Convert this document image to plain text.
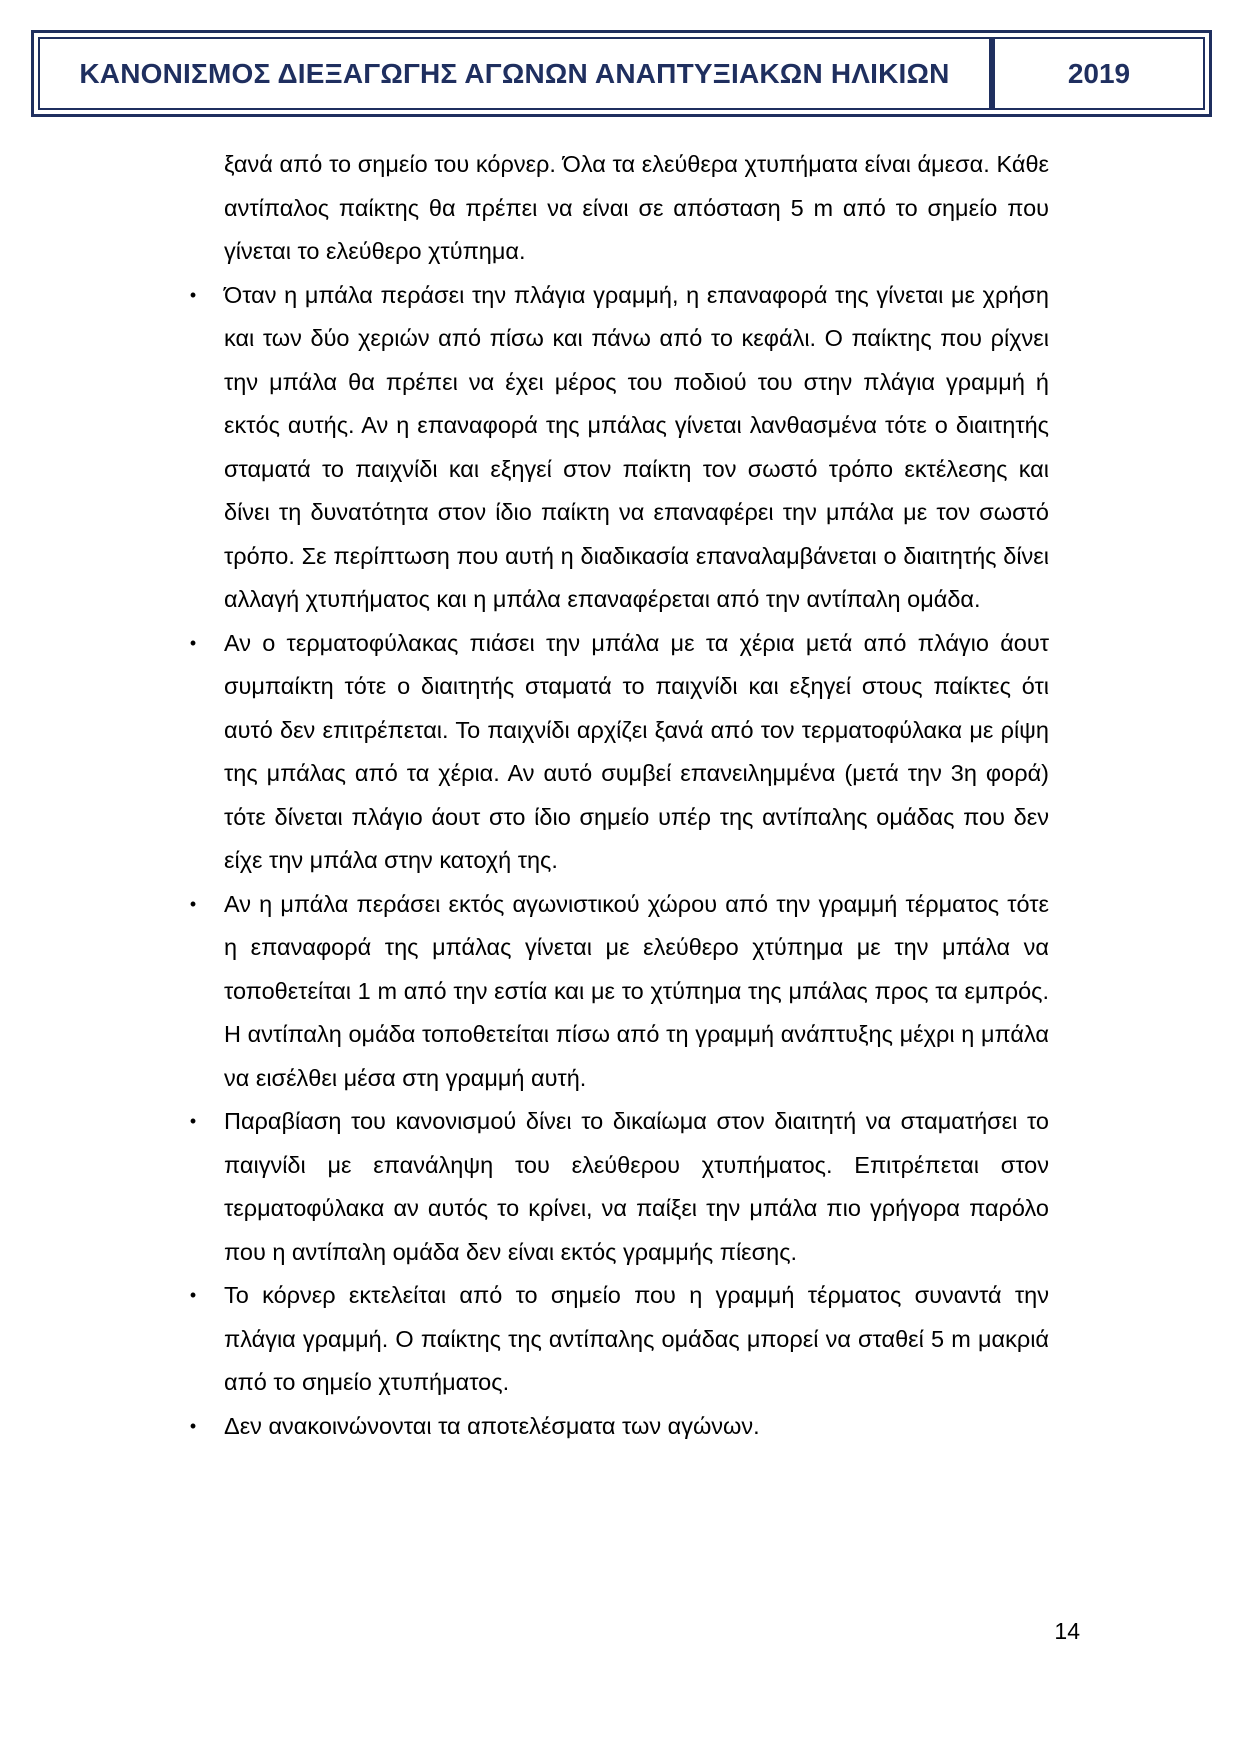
ΚΑΝΟΝΙΣΜΟΣ ΔΙΕΞΑΓΩΓΗΣ ΑΓΩΝΩΝ ΑΝΑΠΤΥΞΙΑΚΩΝ ΗΛΙΚΙΩΝ	2019

ξανά από το σημείο του κόρνερ. Όλα τα ελεύθερα χτυπήματα είναι άμεσα. Κάθε αντίπαλος παίκτης θα πρέπει να είναι σε απόσταση 5 m από το σημείο που γίνεται το ελεύθερο χτύπημα.

• Όταν η μπάλα περάσει την πλάγια γραμμή, η επαναφορά της γίνεται με χρήση και των δύο χεριών από πίσω και πάνω από το κεφάλι. Ο παίκτης που ρίχνει την μπάλα θα πρέπει να έχει μέρος του ποδιού του στην πλάγια γραμμή ή εκτός αυτής. Αν η επαναφορά της μπάλας γίνεται λανθασμένα τότε ο διαιτητής σταματά το παιχνίδι και εξηγεί στον παίκτη τον σωστό τρόπο εκτέλεσης και δίνει τη δυνατότητα στον ίδιο παίκτη να επαναφέρει την μπάλα με τον σωστό τρόπο. Σε περίπτωση που αυτή η διαδικασία επαναλαμβάνεται ο διαιτητής δίνει αλλαγή χτυπήματος και η μπάλα επαναφέρεται από την αντίπαλη ομάδα.
• Αν ο τερματοφύλακας πιάσει την μπάλα με τα χέρια μετά από πλάγιο άουτ συμπαίκτη τότε ο διαιτητής σταματά το παιχνίδι και εξηγεί στους παίκτες ότι αυτό δεν επιτρέπεται. Το παιχνίδι αρχίζει ξανά από τον τερματοφύλακα με ρίψη της μπάλας από τα χέρια. Αν αυτό συμβεί επανειλημμένα (μετά την 3η φορά) τότε δίνεται πλάγιο άουτ στο ίδιο σημείο υπέρ της αντίπαλης ομάδας που δεν είχε την μπάλα στην κατοχή της.
• Αν η μπάλα περάσει εκτός αγωνιστικού χώρου από την γραμμή τέρματος τότε η επαναφορά της μπάλας γίνεται με ελεύθερο χτύπημα με την μπάλα να τοποθετείται 1 m από την εστία και με το χτύπημα της μπάλας προς τα εμπρός. Η αντίπαλη ομάδα τοποθετείται πίσω από τη γραμμή ανάπτυξης μέχρι η μπάλα να εισέλθει μέσα στη γραμμή αυτή.
• Παραβίαση του κανονισμού δίνει το δικαίωμα στον διαιτητή να σταματήσει το παιγνίδι με επανάληψη του ελεύθερου χτυπήματος. Επιτρέπεται στον τερματοφύλακα αν αυτός το κρίνει, να παίξει την μπάλα πιο γρήγορα παρόλο που η αντίπαλη ομάδα δεν είναι εκτός γραμμής πίεσης.
• Το κόρνερ εκτελείται από το σημείο που η γραμμή τέρματος συναντά την πλάγια γραμμή. Ο παίκτης της αντίπαλης ομάδας μπορεί να σταθεί 5 m μακριά από το σημείο χτυπήματος.
• Δεν ανακοινώνονται τα αποτελέσματα των αγώνων.
14
